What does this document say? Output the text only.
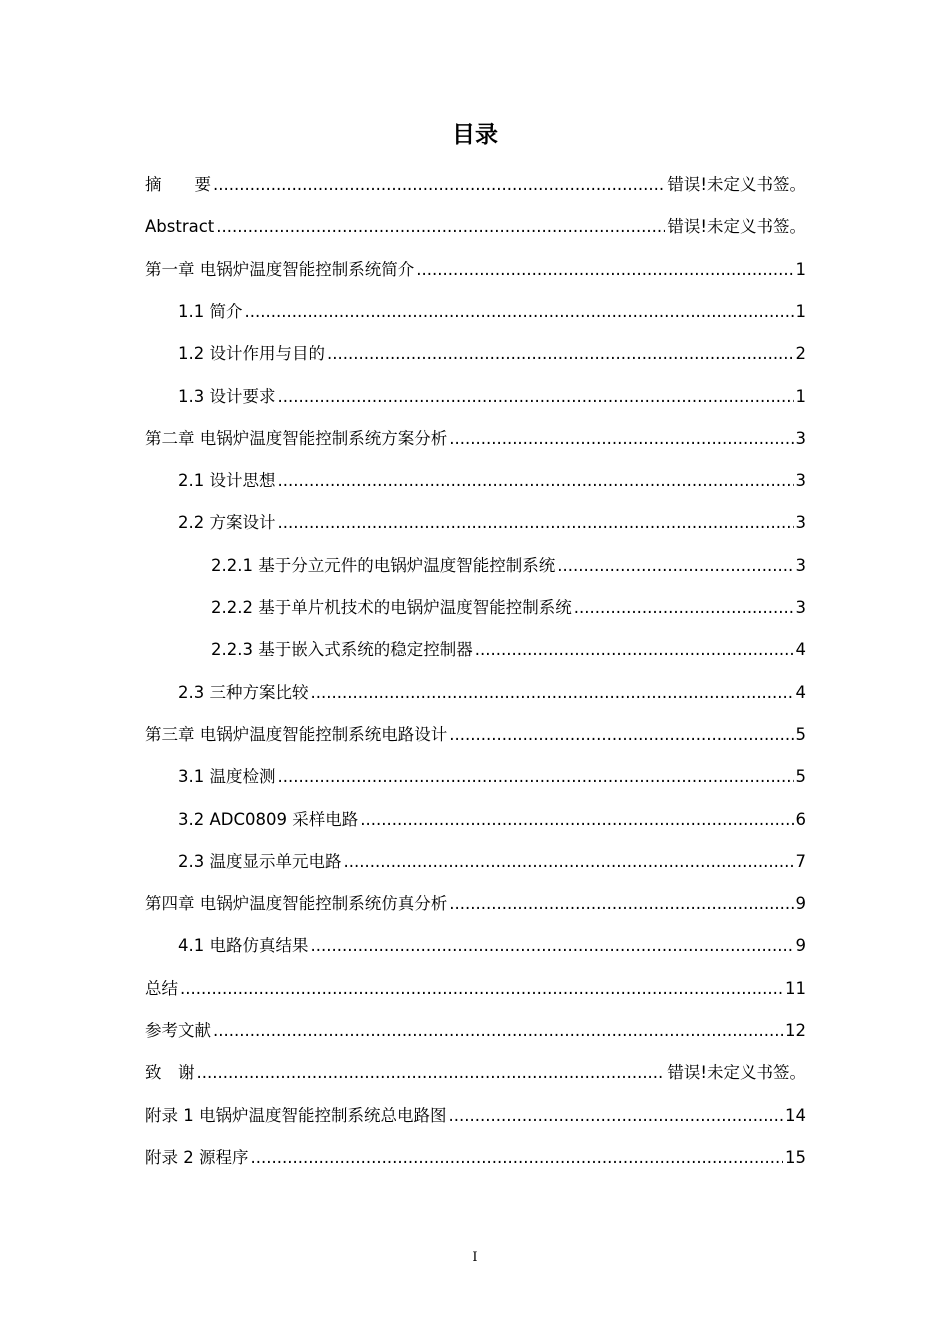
目录
摘　　要 .....	错误!未定义书签。
Abstract .....	错误!未定义书签。
第一章 电锅炉温度智能控制系统简介 .....	1
1.1 简介 .....	1
1.2 设计作用与目的 .....	2
1.3 设计要求 .....	1
第二章 电锅炉温度智能控制系统方案分析 .....	3
2.1 设计思想 .....	3
2.2 方案设计 .....	3
2.2.1 基于分立元件的电锅炉温度智能控制系统 .....	3
2.2.2 基于单片机技术的电锅炉温度智能控制系统 .....	3
2.2.3 基于嵌入式系统的稳定控制器 .....	4
2.3 三种方案比较 .....	4
第三章 电锅炉温度智能控制系统电路设计 .....	5
3.1 温度检测 .....	5
3.2 ADC0809 采样电路 .....	6
2.3 温度显示单元电路 .....	7
第四章 电锅炉温度智能控制系统仿真分析 .....	9
4.1 电路仿真结果 .....	9
总结 .....	11
参考文献 .....	12
致　谢 .....	错误!未定义书签。
附录 1 电锅炉温度智能控制系统总电路图 .....	14
附录 2 源程序 .....	15
I
